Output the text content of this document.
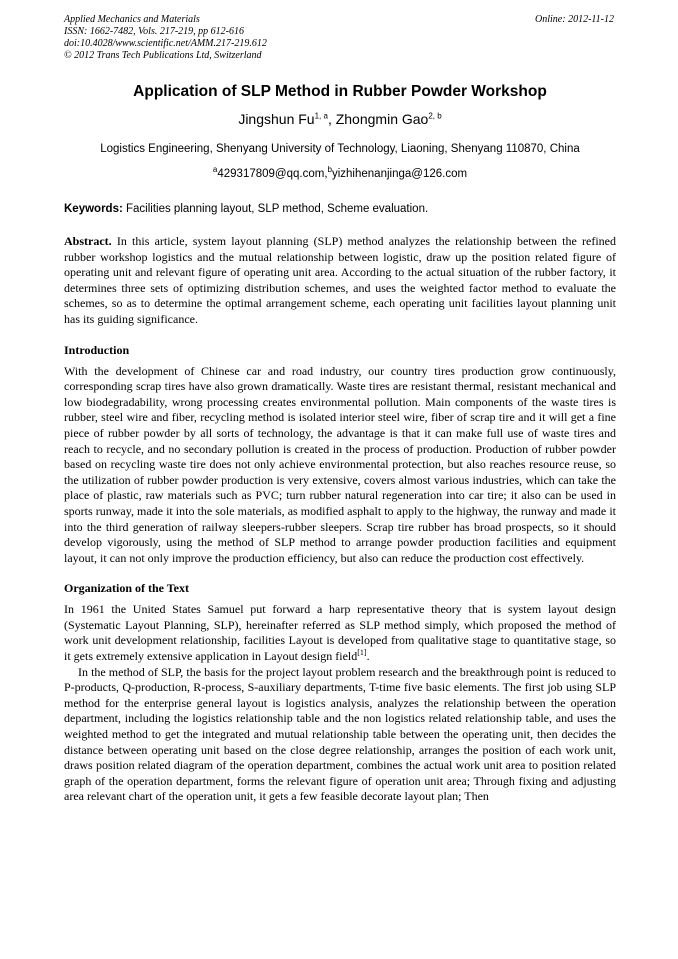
Applied Mechanics and Materials
ISSN: 1662-7482, Vols. 217-219, pp 612-616
doi:10.4028/www.scientific.net/AMM.217-219.612
© 2012 Trans Tech Publications Ltd, Switzerland
Online: 2012-11-12
Application of SLP Method in Rubber Powder Workshop
Jingshun Fu$^{1, a}$, Zhongmin Gao$^{2, b}$
Logistics Engineering, Shenyang University of Technology, Liaoning, Shenyang 110870, China
$^a$429317809@qq.com,$^b$yizhihenanjinga@126.com
Keywords: Facilities planning layout, SLP method, Scheme evaluation.

Abstract. In this article, system layout planning (SLP) method analyzes the relationship between the refined rubber workshop logistics and the mutual relationship between logistic, draw up the position related figure of operating unit and relevant figure of operating unit area. According to the actual situation of the rubber factory, it determines three sets of optimizing distribution schemes, and uses the weighted factor method to evaluate the schemes, so as to determine the optimal arrangement scheme, each operating unit facilities layout planning unit has its guiding significance.

Introduction

With the development of Chinese car and road industry, our country tires production grow continuously, corresponding scrap tires have also grown dramatically. Waste tires are resistant thermal, resistant mechanical and low biodegradability, wrong processing creates environmental pollution. Main components of the waste tires is rubber, steel wire and fiber, recycling method is isolated interior steel wire, fiber of scrap tire and it will get a fine piece of rubber powder by all sorts of technology, the advantage is that it can make full use of waste tires and reach to recycle, and no secondary pollution is created in the process of production. Production of rubber powder based on recycling waste tire does not only achieve environmental protection, but also reaches resource reuse, so the utilization of rubber powder production is very extensive, covers almost various industries, which can take the place of plastic, raw materials such as PVC; turn rubber natural regeneration into car tire; it also can be used in sports runway, made it into the sole materials, as modified asphalt to apply to the highway, the runway and made it into the third generation of railway sleepers-rubber sleepers. Scrap tire rubber has broad prospects, so it should develop vigorously, using the method of SLP method to arrange powder production facilities and equipment layout, it can not only improve the production efficiency, but also can reduce the production cost effectively.

Organization of the Text

In 1961 the United States Samuel put forward a harp representative theory that is system layout design (Systematic Layout Planning, SLP), hereinafter referred as SLP method simply, which proposed the method of work unit development relationship, facilities Layout is developed from qualitative stage to quantitative stage, so it gets extremely extensive application in Layout design field[1].

In the method of SLP, the basis for the project layout problem research and the breakthrough point is reduced to P-products, Q-production, R-process, S-auxiliary departments, T-time five basic elements. The first job using SLP method for the enterprise general layout is logistics analysis, analyzes the relationship between the operation department, including the logistics relationship table and the non logistics related relationship table, and uses the weighted method to get the integrated and mutual relationship table between the operating unit, then decides the distance between operating unit based on the close degree relationship, arranges the position of each work unit, draws position related diagram of the operation department, combines the actual work unit area to position related graph of the operation department, forms the relevant figure of operation unit area; Through fixing and adjusting area relevant chart of the operation unit, it gets a few feasible decorate layout plan; Then
